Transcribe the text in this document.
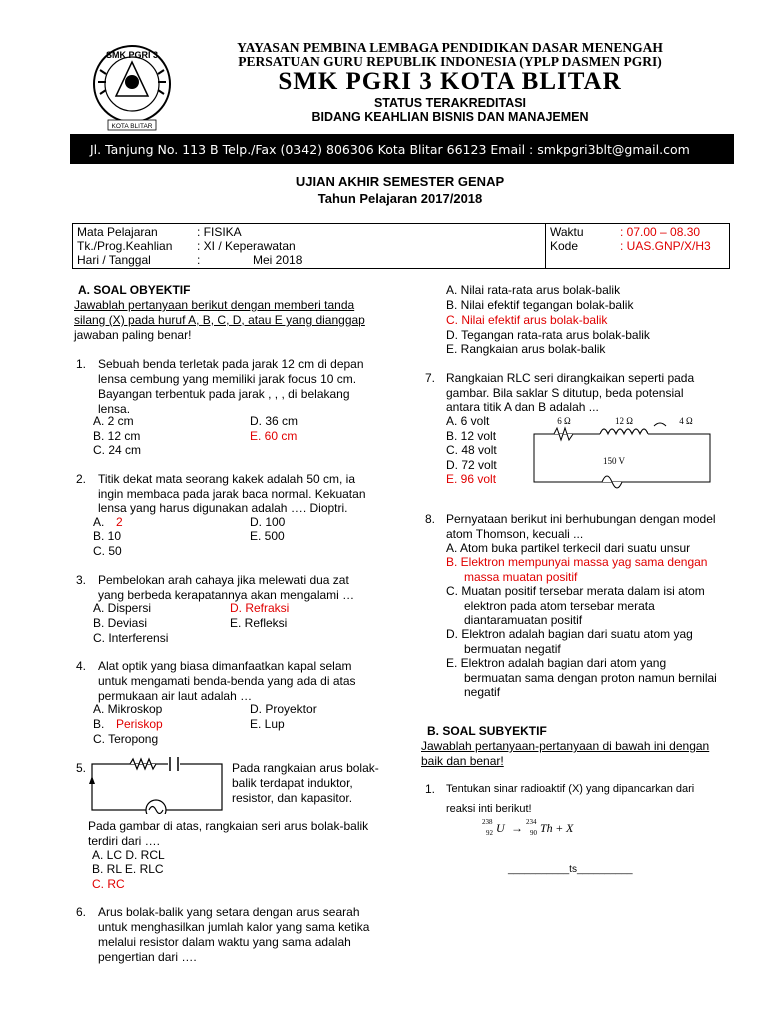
SMK PGRI 3
KOTA BLITAR
YAYASAN PEMBINA LEMBAGA PENDIDIKAN DASAR MENENGAH
PERSATUAN GURU REPUBLIK INDONESIA (YPLP DASMEN PGRI)
SMK PGRI 3 KOTA BLITAR
STATUS TERAKREDITASI
BIDANG KEAHLIAN BISNIS DAN MANAJEMEN
Jl. Tanjung No. 113 B Telp./Fax (0342) 806306 Kota Blitar 66123 Email : smkpgri3blt@gmail.com
UJIAN AKHIR SEMESTER GENAP
Tahun Pelajaran 2017/2018
Mata Pelajaran	: FISIKA
Tk./Prog.Keahlian : XI / Keperawatan
Hari / Tanggal	:	Mei 2018

Waktu	: 07.00 – 08.30
Kode	: UAS.GNP/X/H3
A. SOAL OBYEKTIF
Jawablah pertanyaan berikut dengan memberi tanda
silang (X) pada huruf A, B, C, D, atau E yang dianggap
jawaban paling benar!
1. Sebuah benda terletak pada jarak 12 cm di depan
lensa cembung yang memiliki jarak focus 10 cm.
Bayangan terbentuk pada jarak , , , di belakang
lensa.
A. 2 cm
B. 12 cm
C. 24 cm
D. 36 cm
E. 60 cm
2. Titik dekat mata seorang kakek adalah 50 cm, ia
ingin membaca pada jarak baca normal. Kekuatan
lensa yang harus digunakan adalah …. Dioptri.
A. 2
B. 10
C. 50
D. 100
E. 500
3. Pembelokan arah cahaya jika melewati dua zat
yang berbeda kerapatannya akan mengalami …
A. Dispersi
B. Deviasi
C. Interferensi
D. Refraksi
E. Refleksi
4. Alat optik yang biasa dimanfaatkan kapal selam
untuk mengamati benda-benda yang ada di atas
permukaan air laut adalah …
A. Mikroskop
B. Periskop
C. Teropong
D. Proyektor
E. Lup
5.	Pada rangkaian arus bolak-
balik terdapat induktor,
resistor, dan kapasitor.
Pada gambar di atas, rangkaian seri arus bolak-balik
terdiri dari ….
A. LC D. RCL
B. RL E. RLC
C. RC
6. Arus bolak-balik yang setara dengan arus searah
untuk menghasilkan jumlah kalor yang sama ketika
melalui resistor dalam waktu yang sama adalah
pengertian dari ….
A. Nilai rata-rata arus bolak-balik
B. Nilai efektif tegangan bolak-balik
C. Nilai efektif arus bolak-balik
D. Tegangan rata-rata arus bolak-balik
E. Rangkaian arus bolak-balik
7. Rangkaian RLC seri dirangkaikan seperti pada
gambar. Bila saklar S ditutup, beda potensial
antara titik A dan B adalah ...
A. 6 volt
B. 12 volt
C. 48 volt
D. 72 volt
E. 96 volt
6 Ω	12 Ω	4 Ω
150 V
8. Pernyataan berikut ini berhubungan dengan model
atom Thomson, kecuali ...
A. Atom buka partikel terkecil dari suatu unsur
B. Elektron mempunyai massa yag sama dengan
massa muatan positif
C. Muatan positif tersebar merata dalam isi atom
elektron pada atom tersebar merata
diantaramuatan positif
D. Elektron adalah bagian dari suatu atom yag
bermuatan negatif
E. Elektron adalah bagian dari atom yang
bermuatan sama dengan proton namun bernilai
negatif
B. SOAL SUBYEKTIF
Jawablah pertanyaan-pertanyaan di bawah ini dengan
baik dan benar!
1. Tentukan sinar radioaktif (X) yang dipancarkan dari
reaksi inti berikut!
238
92 U → 234
90 Th + X
___________ts__________
